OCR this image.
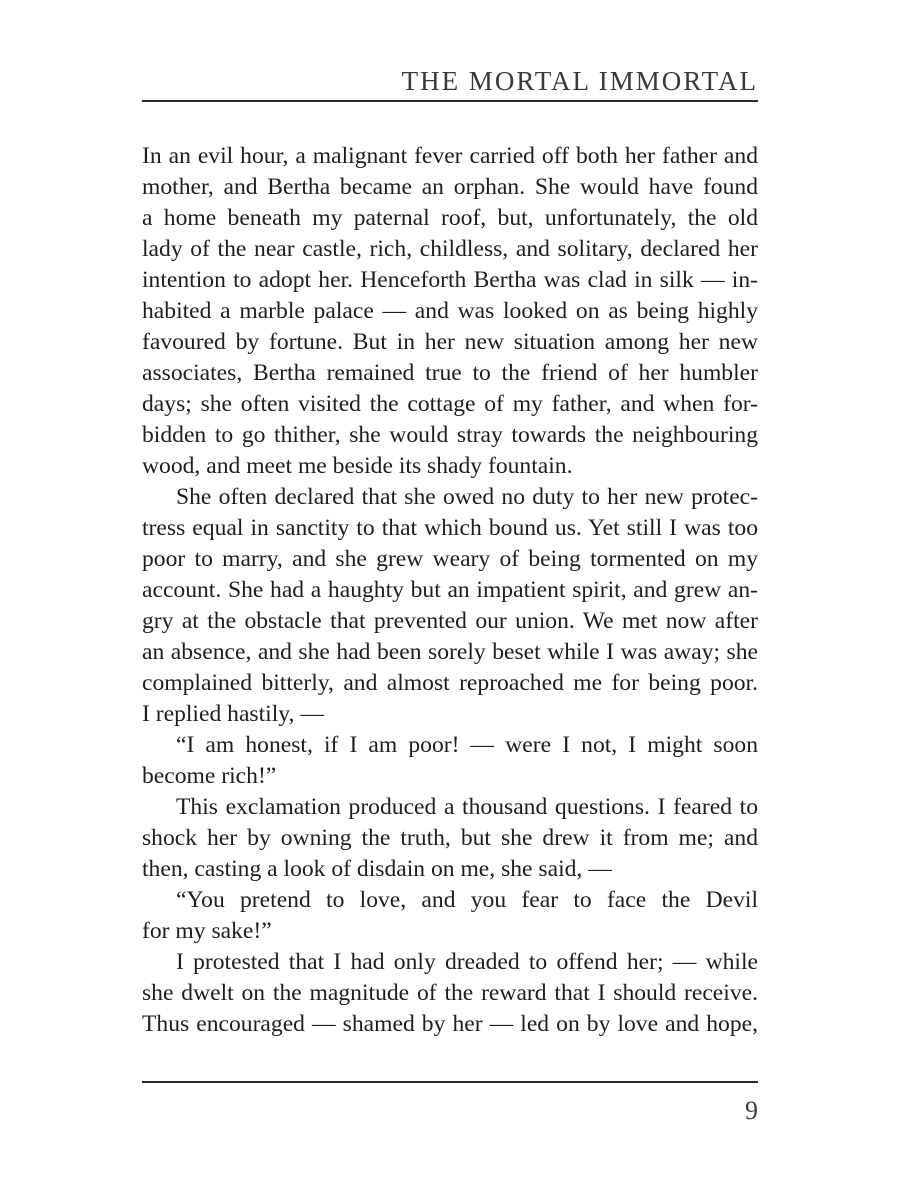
THE MORTAL IMMORTAL
In an evil hour, a malignant fever carried off both her father and
mother, and Bertha became an orphan. She would have found
a home beneath my paternal roof, but, unfortunately, the old
lady of the near castle, rich, childless, and solitary, declared her
intention to adopt her. Henceforth Bertha was clad in silk — in-
habited a marble palace — and was looked on as being highly
favoured by fortune. But in her new situation among her new
associates, Bertha remained true to the friend of her humbler
days; she often visited the cottage of my father, and when for-
bidden to go thither, she would stray towards the neighbouring
wood, and meet me beside its shady fountain.
She often declared that she owed no duty to her new protec-
tress equal in sanctity to that which bound us. Yet still I was too
poor to marry, and she grew weary of being tormented on my
account. She had a haughty but an impatient spirit, and grew an-
gry at the obstacle that prevented our union. We met now after
an absence, and she had been sorely beset while I was away; she
complained bitterly, and almost reproached me for being poor.
I replied hastily, —
“I am honest, if I am poor! — were I not, I might soon
become rich!”
This exclamation produced a thousand questions. I feared to
shock her by owning the truth, but she drew it from me; and
then, casting a look of disdain on me, she said, —
“You pretend to love, and you fear to face the Devil
for my sake!”
I protested that I had only dreaded to offend her; — while
she dwelt on the magnitude of the reward that I should receive.
Thus encouraged — shamed by her — led on by love and hope,
9
